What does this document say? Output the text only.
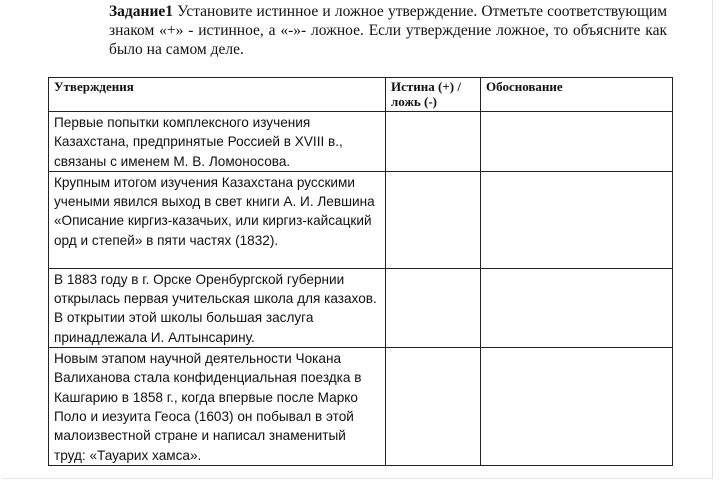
Задание1 Установите истинное и ложное утверждение. Отметьте соответствующим знаком «+» - истинное, а «-»- ложное. Если утверждение ложное, то объясните как было на самом деле.

Утверждения	Истина (+) / ложь (-)	Обоснование
Первые попытки комплексного изучения Казахстана, предпринятые Россией в XVIII в., связаны с именем М. В. Ломоносова.		
Крупным итогом изучения Казахстана русскими учеными явился выход в свет книги А. И. Левшина «Описание киргиз-казачьих, или киргиз-кайсацкий орд и степей» в пяти частях (1832).		
В 1883 году в г. Орске Оренбургской губернии открылась первая учительская школа для казахов. В открытии этой школы большая заслуга принадлежала И. Алтынсарину.		
Новым этапом научной деятельности Чокана Валиханова стала конфиденциальная поездка в Кашгарию в 1858 г., когда впервые после Марко Поло и иезуита Геоса (1603) он побывал в этой малоизвестной стране и написал знаменитый труд: «Тауарих хамса».		
